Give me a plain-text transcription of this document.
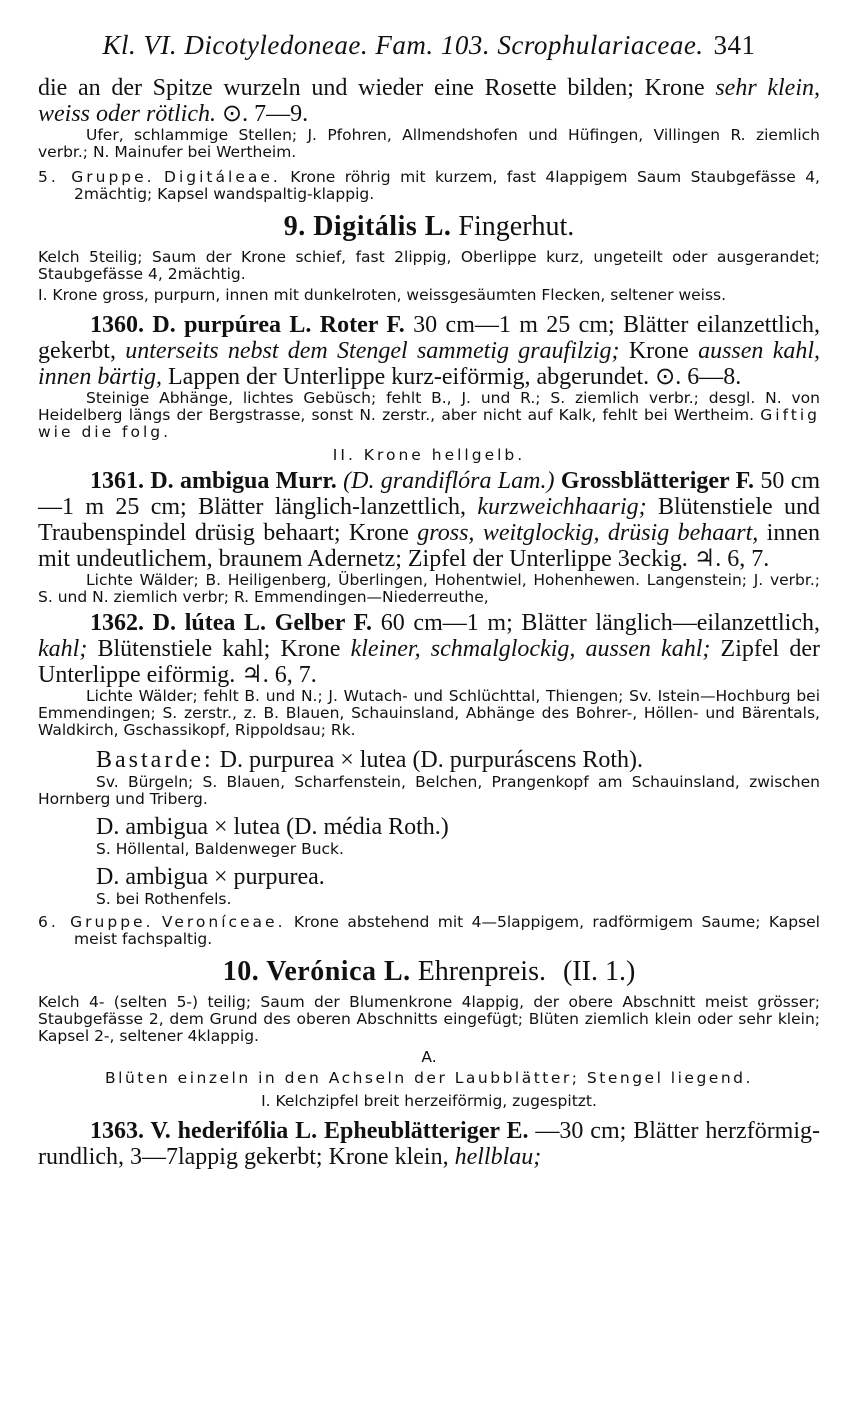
Kl. VI. Dicotyledoneae. Fam. 103. Scrophulariaceae. 341

die an der Spitze wurzeln und wieder eine Rosette bilden; Krone sehr klein, weiss oder rötlich. ⊙. 7—9.

Ufer, schlammige Stellen; J. Pfohren, Allmendshofen und Hüfingen, Villingen R. ziemlich verbr.; N. Mainufer bei Wertheim.

5. Gruppe. Digitáleae. Krone röhrig mit kurzem, fast 4lappigem Saum Staubgefässe 4, 2mächtig; Kapsel wandspaltig-klappig.

9. Digitális L. Fingerhut.

Kelch 5teilig; Saum der Krone schief, fast 2lippig, Oberlippe kurz, ungeteilt oder ausgerandet; Staubgefässe 4, 2mächtig.

I. Krone gross, purpurn, innen mit dunkelroten, weissgesäumten Flecken, seltener weiss.

1360. D. purpúrea L. Roter F. 30 cm—1 m 25 cm; Blätter eilanzettlich, gekerbt, unterseits nebst dem Stengel sammetig graufilzig; Krone aussen kahl, innen bärtig, Lappen der Unterlippe kurz-eiförmig, abgerundet. ⊙. 6—8.

Steinige Abhänge, lichtes Gebüsch; fehlt B., J. und R.; S. ziemlich verbr.; desgl. N. von Heidelberg längs der Bergstrasse, sonst N. zerstr., aber nicht auf Kalk, fehlt bei Wertheim. Giftig wie die folg.

II. Krone hellgelb.

1361. D. ambigua Murr. (D. grandiflóra Lam.) Grossblätteriger F. 50 cm—1 m 25 cm; Blätter länglich-lanzettlich, kurzweichhaarig; Blütenstiele und Traubenspindel drüsig behaart; Krone gross, weitglockig, drüsig behaart, innen mit undeutlichem, braunem Adernetz; Zipfel der Unterlippe 3eckig. ♃. 6, 7.

Lichte Wälder; B. Heiligenberg, Überlingen, Hohentwiel, Hohenhewen. Langenstein; J. verbr.; S. und N. ziemlich verbr; R. Emmendingen—Niederreuthe,

1362. D. lútea L. Gelber F. 60 cm—1 m; Blätter länglich—eilanzettlich, kahl; Blütenstiele kahl; Krone kleiner, schmalglockig, aussen kahl; Zipfel der Unterlippe eiförmig. ♃. 6, 7.

Lichte Wälder; fehlt B. und N.; J. Wutach- und Schlüchttal, Thiengen; Sv. Istein—Hochburg bei Emmendingen; S. zerstr., z. B. Blauen, Schauinsland, Abhänge des Bohrer-, Höllen- und Bärentals, Waldkirch, Gschassikopf, Rippoldsau; Rk.

Bastarde: D. purpurea × lutea (D. purpuráscens Roth).

Sv. Bürgeln; S. Blauen, Scharfenstein, Belchen, Prangenkopf am Schauinsland, zwischen Hornberg und Triberg.

D. ambigua × lutea (D. média Roth.)

S. Höllental, Baldenweger Buck.

D. ambigua × purpurea.

S. bei Rothenfels.

6. Gruppe. Veroníceae. Krone abstehend mit 4—5lappigem, radförmigem Saume; Kapsel meist fachspaltig.

10. Verónica L. Ehrenpreis. (II. 1.)

Kelch 4- (selten 5-) teilig; Saum der Blumenkrone 4lappig, der obere Abschnitt meist grösser; Staubgefässe 2, dem Grund des oberen Abschnitts eingefügt; Blüten ziemlich klein oder sehr klein; Kapsel 2-, seltener 4klappig.

A.

Blüten einzeln in den Achseln der Laubblätter; Stengel liegend.

I. Kelchzipfel breit herzeiförmig, zugespitzt.

1363. V. hederifólia L. Epheublätteriger E. —30 cm; Blätter herzförmig-rundlich, 3—7lappig gekerbt; Krone klein, hellblau;
